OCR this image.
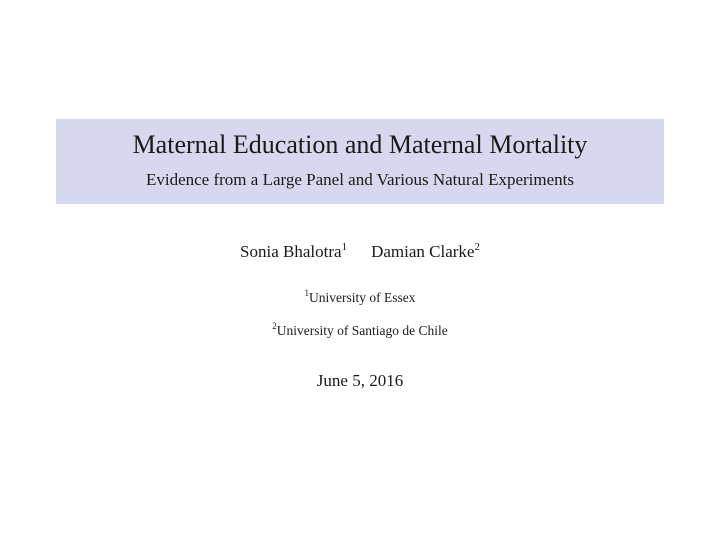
Maternal Education and Maternal Mortality
Evidence from a Large Panel and Various Natural Experiments
Sonia Bhalotra$^1$ Damian Clarke$^2$
$^1$University of Essex
$^2$University of Santiago de Chile
June 5, 2016
